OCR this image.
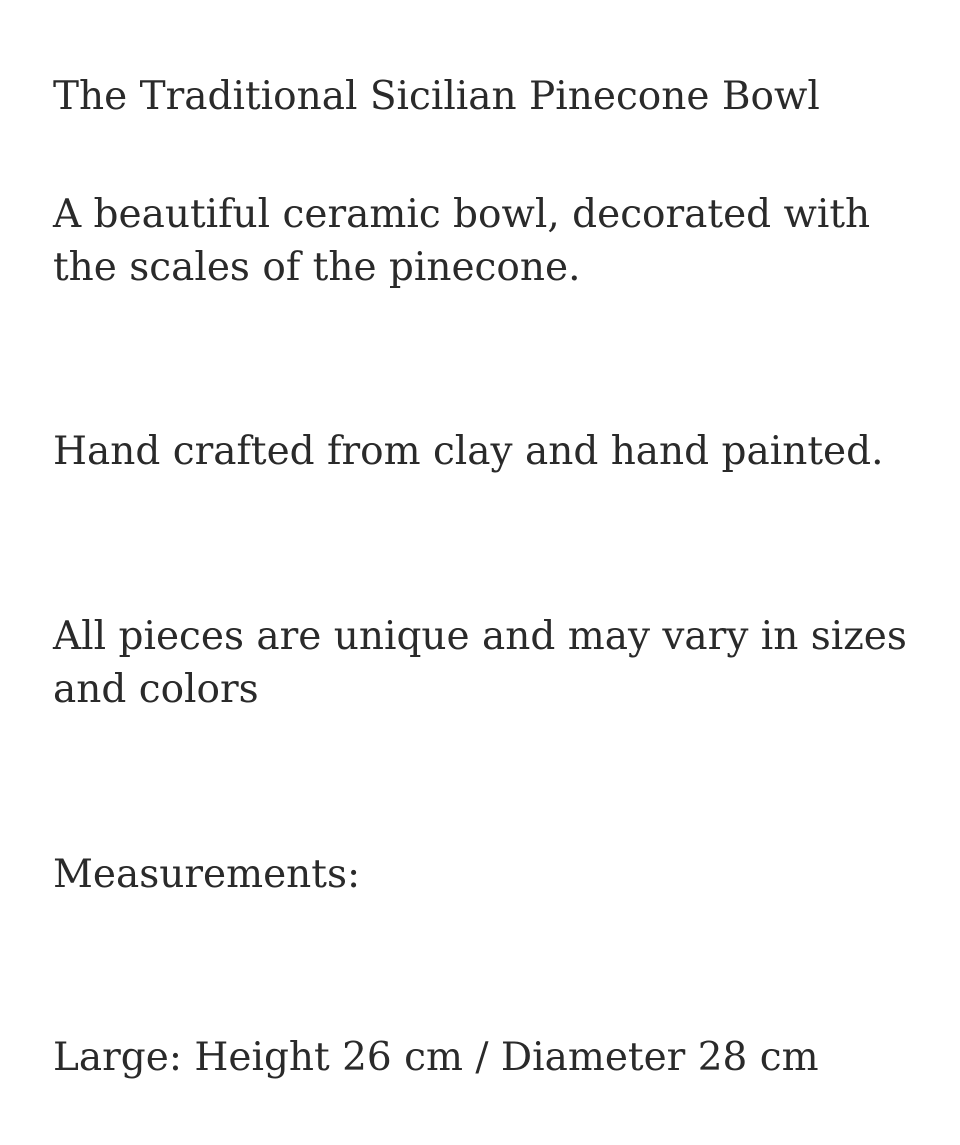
The Traditional Sicilian Pinecone Bowl

A beautiful ceramic bowl, decorated with the scales of the pinecone.

Hand crafted from clay and hand painted.

All pieces are unique and may vary in sizes and colors

Measurements:

Large: Height 26 cm / Diameter 28 cm
